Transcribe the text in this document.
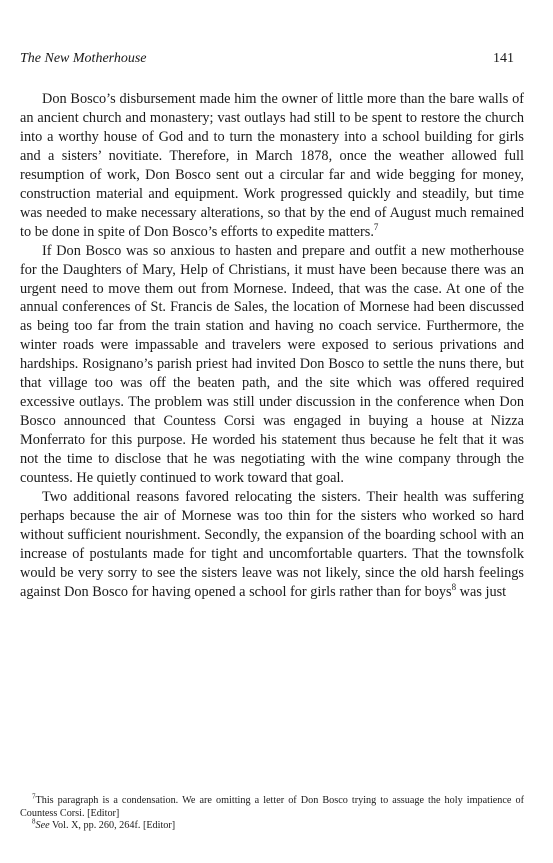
The New Motherhouse	141

Don Bosco’s disbursement made him the owner of little more than the bare walls of an ancient church and monastery; vast outlays had still to be spent to restore the church into a worthy house of God and to turn the monastery into a school building for girls and a sisters’ novitiate. Therefore, in March 1878, once the weather allowed full resumption of work, Don Bosco sent out a circular far and wide begging for money, construction material and equipment. Work progressed quickly and steadily, but time was needed to make necessary alterations, so that by the end of August much remained to be done in spite of Don Bosco’s efforts to expedite matters.$^7$

If Don Bosco was so anxious to hasten and prepare and outfit a new motherhouse for the Daughters of Mary, Help of Christians, it must have been because there was an urgent need to move them out from Mornese. Indeed, that was the case. At one of the annual conferences of St. Francis de Sales, the location of Mornese had been discussed as being too far from the train station and having no coach service. Furthermore, the winter roads were impassable and travelers were exposed to serious privations and hardships. Rosignano’s parish priest had invited Don Bosco to settle the nuns there, but that village too was off the beaten path, and the site which was offered required excessive outlays. The problem was still under discussion in the conference when Don Bosco announced that Countess Corsi was engaged in buying a house at Nizza Monferrato for this purpose. He worded his statement thus because he felt that it was not the time to disclose that he was negotiating with the wine company through the countess. He quietly continued to work toward that goal.

Two additional reasons favored relocating the sisters. Their health was suffering perhaps because the air of Mornese was too thin for the sisters who worked so hard without sufficient nourishment. Secondly, the expansion of the boarding school with an increase of postulants made for tight and uncomfortable quarters. That the townsfolk would be very sorry to see the sisters leave was not likely, since the old harsh feelings against Don Bosco for having opened a school for girls rather than for boys$^8$ was just

$^7$This paragraph is a condensation. We are omitting a letter of Don Bosco trying to assuage the holy impatience of Countess Corsi. [Editor]

$^8$See Vol. X, pp. 260, 264f. [Editor]
